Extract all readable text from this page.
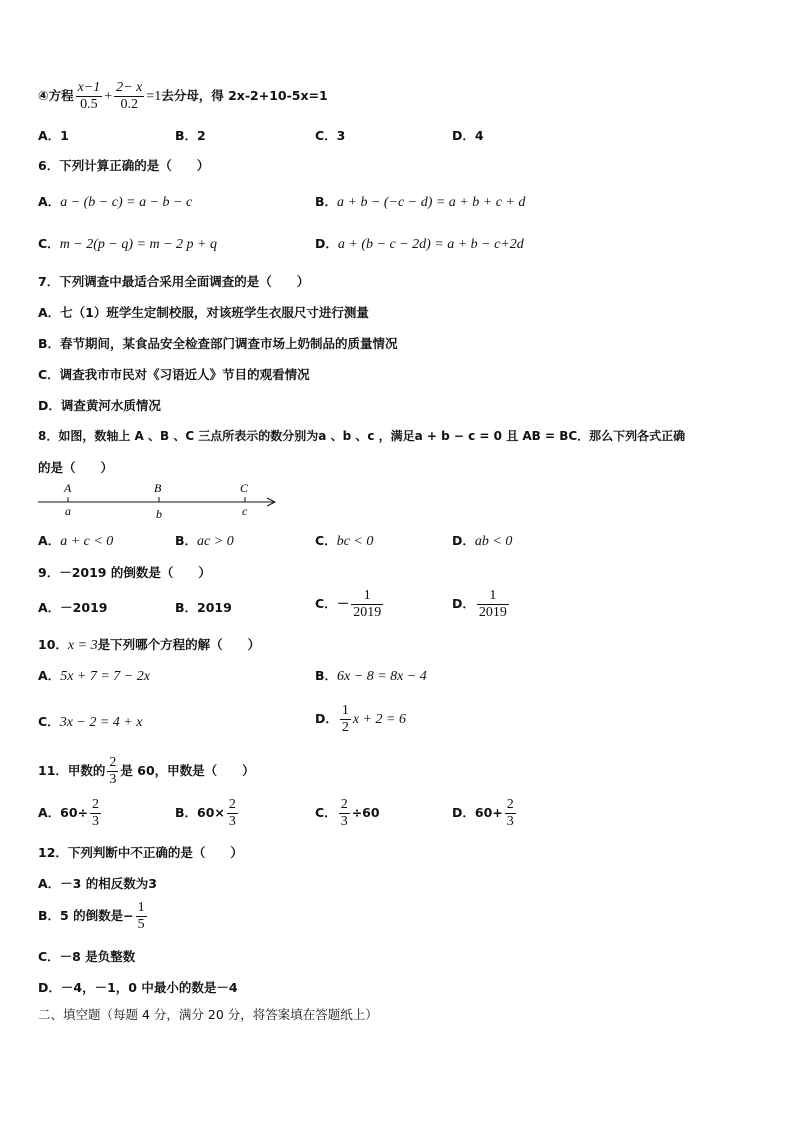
④方程 $\frac{x-1}{0.5} + \frac{2- x}{0.2} =1$去分母，得 2x-2+10-5x=1
A．1	B．2	C．3	D．4
6．下列计算正确的是（　　）
A．a − (b − c) = a − b − c	B．a + b − (−c − d) = a + b + c + d
C．m − 2(p − q) = m − 2 p + q	D．a + (b − c − 2d) = a + b − c+2d
7．下列调查中最适合采用全面调查的是（　　）
A．七（1）班学生定制校服，对该班学生衣服尺寸进行测量
B．春节期间，某食品安全检查部门调查市场上奶制品的质量情况
C．调查我市市民对《习语近人》节目的观看情况
D．调查黄河水质情况
8．如图，数轴上 A 、B 、C 三点所表示的数分别为a 、b 、c ，满足a + b − c = 0 且 AB = BC．那么下列各式正确
的是（　　）
A	B	C
a	b	c
A．a + c < 0	B．ac > 0	C．bc < 0	D．ab < 0
9．－2019 的倒数是（　　）
A．－2019	B．2019	C．－ $\frac{1}{2019}$	D． $\frac{1}{2019}$
10．x = 3是下列哪个方程的解（　　）
A．5x + 7 = 7 − 2x	B．6x − 8 = 8x − 4
C．3x − 2 = 4 + x	D． $\frac{1}{2}$ x + 2 = 6
11．甲数的 $\frac{2}{3}$ 是 60，甲数是（　　）
A．$60\div \frac{2}{3}$	B．$60\times \frac{2}{3}$	C． $\frac{2}{3} \div 60$	D．$60+ \frac{2}{3}$
12．下列判断中不正确的是（　　）
A．－3 的相反数为3
B．5 的倒数是− $\frac{1}{5}$
C．－8 是负整数
D．－4，－1，0 中最小的数是－4
二、填空题（每题 4 分，满分 20 分，将答案填在答题纸上）
